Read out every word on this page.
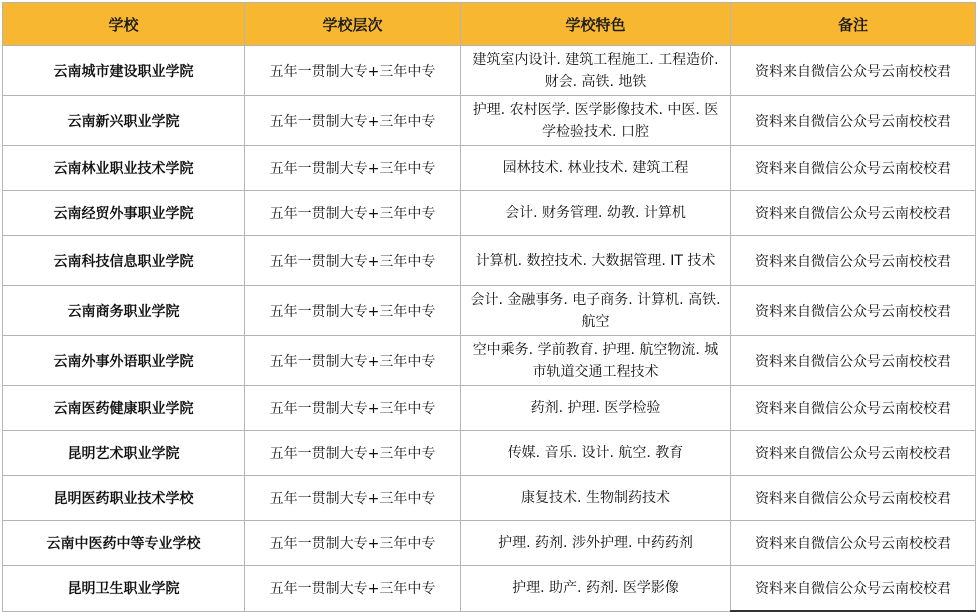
学校	学校层次	学校特色	备注
云南城市建设职业学院	五年一贯制大专+三年中专	建筑室内设计. 建筑工程施工. 工程造价. 财会. 高铁. 地铁	资料来自微信公众号云南校校君
云南新兴职业学院	五年一贯制大专+三年中专	护理. 农村医学. 医学影像技术. 中医. 医学检验技术. 口腔	资料来自微信公众号云南校校君
云南林业职业技术学院	五年一贯制大专+三年中专	园林技术. 林业技术. 建筑工程	资料来自微信公众号云南校校君
云南经贸外事职业学院	五年一贯制大专+三年中专	会计. 财务管理. 幼教. 计算机	资料来自微信公众号云南校校君
云南科技信息职业学院	五年一贯制大专+三年中专	计算机. 数控技术. 大数据管理. IT 技术	资料来自微信公众号云南校校君
云南商务职业学院	五年一贯制大专+三年中专	会计. 金融事务. 电子商务. 计算机. 高铁. 航空	资料来自微信公众号云南校校君
云南外事外语职业学院	五年一贯制大专+三年中专	空中乘务. 学前教育. 护理. 航空物流. 城市轨道交通工程技术	资料来自微信公众号云南校校君
云南医药健康职业学院	五年一贯制大专+三年中专	药剂. 护理. 医学检验	资料来自微信公众号云南校校君
昆明艺术职业学院	五年一贯制大专+三年中专	传媒. 音乐. 设计. 航空. 教育	资料来自微信公众号云南校校君
昆明医药职业技术学校	五年一贯制大专+三年中专	康复技术. 生物制药技术	资料来自微信公众号云南校校君
云南中医药中等专业学校	五年一贯制大专+三年中专	护理. 药剂. 涉外护理. 中药药剂	资料来自微信公众号云南校校君
昆明卫生职业学院	五年一贯制大专+三年中专	护理. 助产. 药剂. 医学影像	资料来自微信公众号云南校校君
